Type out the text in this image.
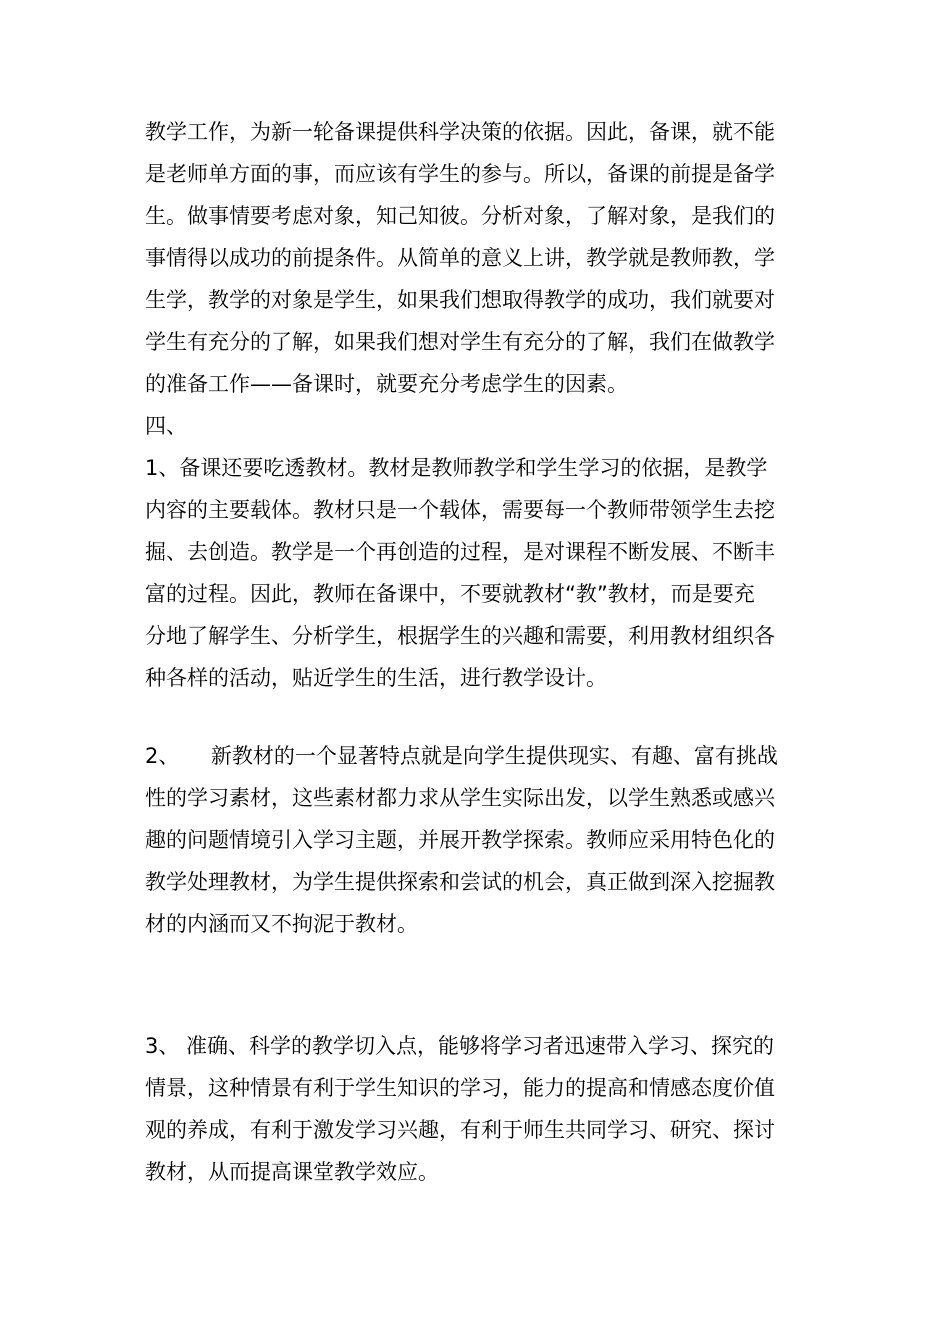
教学工作，为新一轮备课提供科学决策的依据。因此，备课，就不能
是老师单方面的事，而应该有学生的参与。所以，备课的前提是备学
生。做事情要考虑对象，知己知彼。分析对象，了解对象，是我们的
事情得以成功的前提条件。从简单的意义上讲，教学就是教师教，学
生学，教学的对象是学生，如果我们想取得教学的成功，我们就要对
学生有充分的了解，如果我们想对学生有充分的了解，我们在做教学
的准备工作——备课时，就要充分考虑学生的因素。
四、
1、备课还要吃透教材。教材是教师教学和学生学习的依据，是教学
内容的主要载体。教材只是一个载体，需要每一个教师带领学生去挖
掘、去创造。教学是一个再创造的过程，是对课程不断发展、不断丰
富的过程。因此，教师在备课中，不要就教材“教”教材，而是要充
分地了解学生、分析学生，根据学生的兴趣和需要，利用教材组织各
种各样的活动，贴近学生的生活，进行教学设计。
2、　　新教材的一个显著特点就是向学生提供现实、有趣、富有挑战
性的学习素材，这些素材都力求从学生实际出发，以学生熟悉或感兴
趣的问题情境引入学习主题，并展开教学探索。教师应采用特色化的
教学处理教材，为学生提供探索和尝试的机会，真正做到深入挖掘教
材的内涵而又不拘泥于教材。
3、 准确、科学的教学切入点，能够将学习者迅速带入学习、探究的
情景，这种情景有利于学生知识的学习，能力的提高和情感态度价值
观的养成，有利于激发学习兴趣，有利于师生共同学习、研究、探讨
教材，从而提高课堂教学效应。
